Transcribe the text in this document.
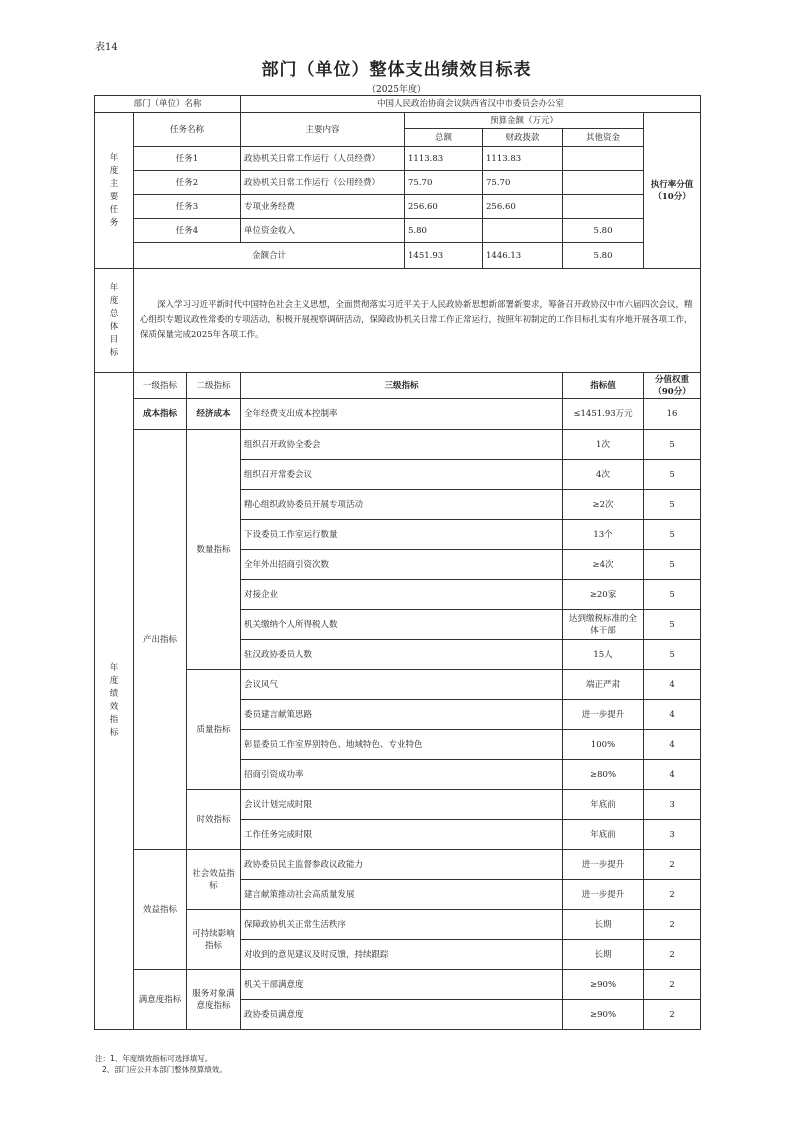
表14
部门（单位）整体支出绩效目标表
（2025年度）
部门（单位）名称			中国人民政治协商会议陕西省汉中市委员会办公室				
年度主要任务	任务名称		主要内容	预算金额（万元）			执行率分值（10分）
				总额	财政拨款	其他资金	
	任务1		政协机关日常工作运行（人员经费）	1113.83	1113.83		
	任务2		政协机关日常工作运行（公用经费）	75.70	75.70		
	任务3		专项业务经费	256.60	256.60		
	任务4		单位资金收入	5.80		5.80	
	金额合计			1451.93	1446.13	5.80	
年度总体目标	深入学习习近平新时代中国特色社会主义思想，全面贯彻落实习近平关于人民政协新思想新部署新要求，筹备召开政协汉中市六届四次会议，精心组织专题议政性常委的专项活动，积极开展视察调研活动，保障政协机关日常工作正常运行，按照年初制定的工作目标扎实有序地开展各项工作，保质保量完成2025年各项工作。						
年度绩效指标	一级指标	二级指标	三级指标			指标值	分值权重（90分）
	成本指标	经济成本	全年经费支出成本控制率			≤1451.93万元	16
	产出指标	数量指标	组织召开政协全委会			1次	5
			组织召开常委会议			4次	5
			精心组织政协委员开展专项活动			≥2次	5
			下设委员工作室运行数量			13个	5
			全年外出招商引资次数			≥4次	5
			对接企业			≥20家	5
			机关缴纳个人所得税人数			达到缴税标准的全体干部	5
			驻汉政协委员人数			15人	5
		质量指标	会议风气			端正严肃	4
			委员建言献策思路			进一步提升	4
			彰显委员工作室界别特色、地域特色、专业特色			100%	4
			招商引资成功率			≥80%	4
		时效指标	会议计划完成时限			年底前	3
			工作任务完成时限			年底前	3
	效益指标	社会效益指标	政协委员民主监督参政议政能力			进一步提升	2
			建言献策推动社会高质量发展			进一步提升	2
		可持续影响指标	保障政协机关正常生活秩序			长期	2
			对收到的意见建议及时反馈，持续跟踪			长期	2
	满意度指标	服务对象满意度指标	机关干部满意度			≥90%	2
			政协委员满意度			≥90%	2
注：1、年度绩效指标可选择填写。
2、部门应公开本部门整体预算绩效。
